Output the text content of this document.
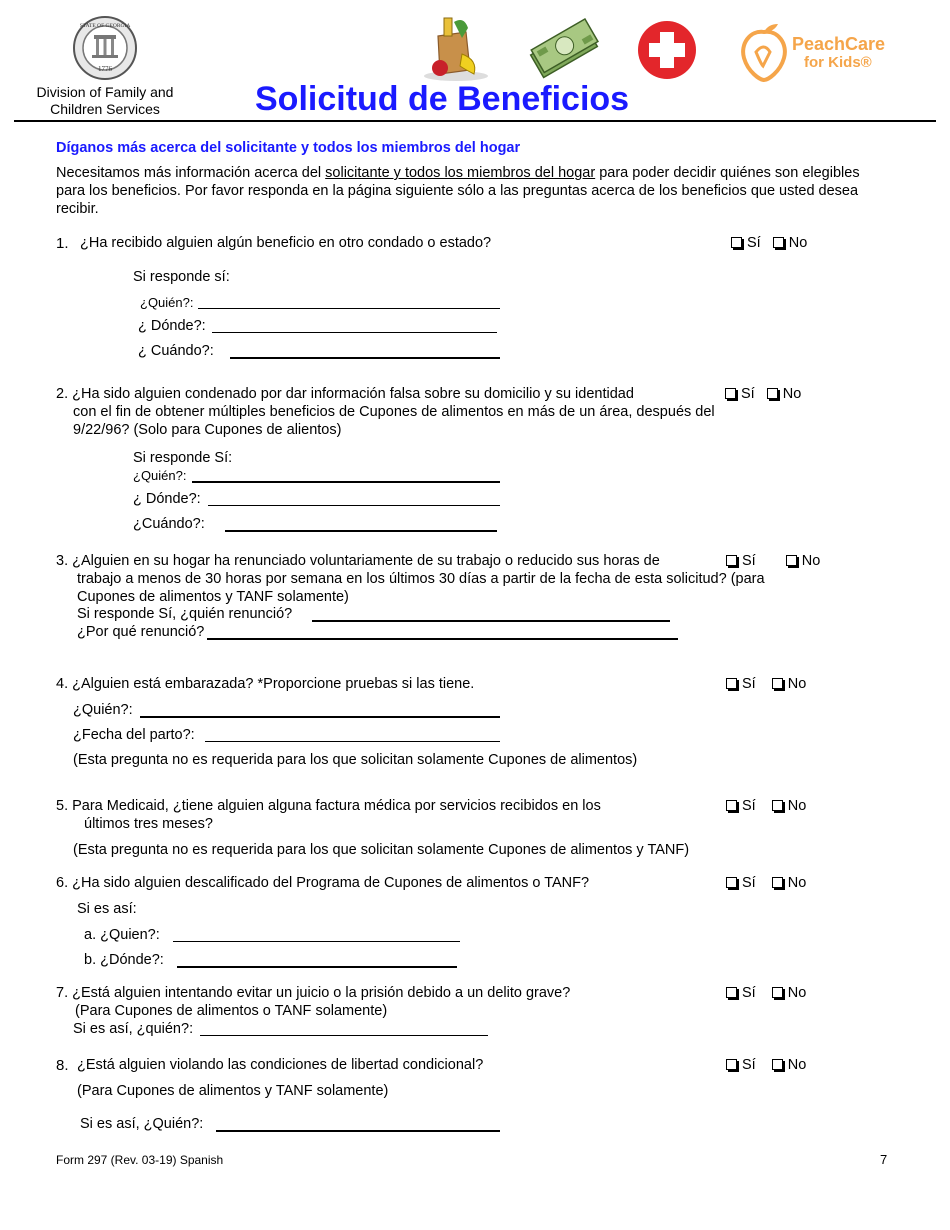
1776
STATE OF GEORGIA
Division of Family and
Children Services
PeachCare
for Kids®
Solicitud de Beneficios
Díganos más acerca del solicitante y todos los miembros del hogar
Necesitamos más información acerca del solicitante y todos los miembros del hogar para poder decidir quiénes son elegibles para los beneficios. Por favor responda en la página siguiente sólo a las preguntas acerca de los beneficios que usted desea recibir.
1. ¿Ha recibido alguien algún beneficio en otro condado o estado?	Sí No
Si responde sí:
¿Quién?:
¿ Dónde?:
¿ Cuándo?:
2. ¿Ha sido alguien condenado por dar información falsa sobre su domicilio y su identidad	Sí No
con el fin de obtener múltiples beneficios de Cupones de alimentos en más de un área, después del
9/22/96? (Solo para Cupones de alientos)
Si responde Sí:
¿Quién?:
¿ Dónde?:
¿Cuándo?:
3. ¿Alguien en su hogar ha renunciado voluntariamente de su trabajo o reducido sus horas de	Sí	No
trabajo a menos de 30 horas por semana en los últimos 30 días a partir de la fecha de esta solicitud? (para
Cupones de alimentos y TANF solamente)
Si responde Sí, ¿quién renunció?
¿Por qué renunció?
4. ¿Alguien está embarazada? *Proporcione pruebas si las tiene.	Sí No
¿Quién?:
¿Fecha del parto?:
(Esta pregunta no es requerida para los que solicitan solamente Cupones de alimentos)
5. Para Medicaid, ¿tiene alguien alguna factura médica por servicios recibidos en los	Sí No
últimos tres meses?
(Esta pregunta no es requerida para los que solicitan solamente Cupones de alimentos y TANF)
6. ¿Ha sido alguien descalificado del Programa de Cupones de alimentos o TANF?	Sí No
Si es así:
a. ¿Quien?:
b. ¿Dónde?:
7. ¿Está alguien intentando evitar un juicio o la prisión debido a un delito grave?	Sí No
(Para Cupones de alimentos o TANF solamente)
Si es así, ¿quién?:
8. ¿Está alguien violando las condiciones de libertad condicional?	Sí No
(Para Cupones de alimentos y TANF solamente)
Si es así, ¿Quién?:
Form 297 (Rev. 03-19) Spanish	7
